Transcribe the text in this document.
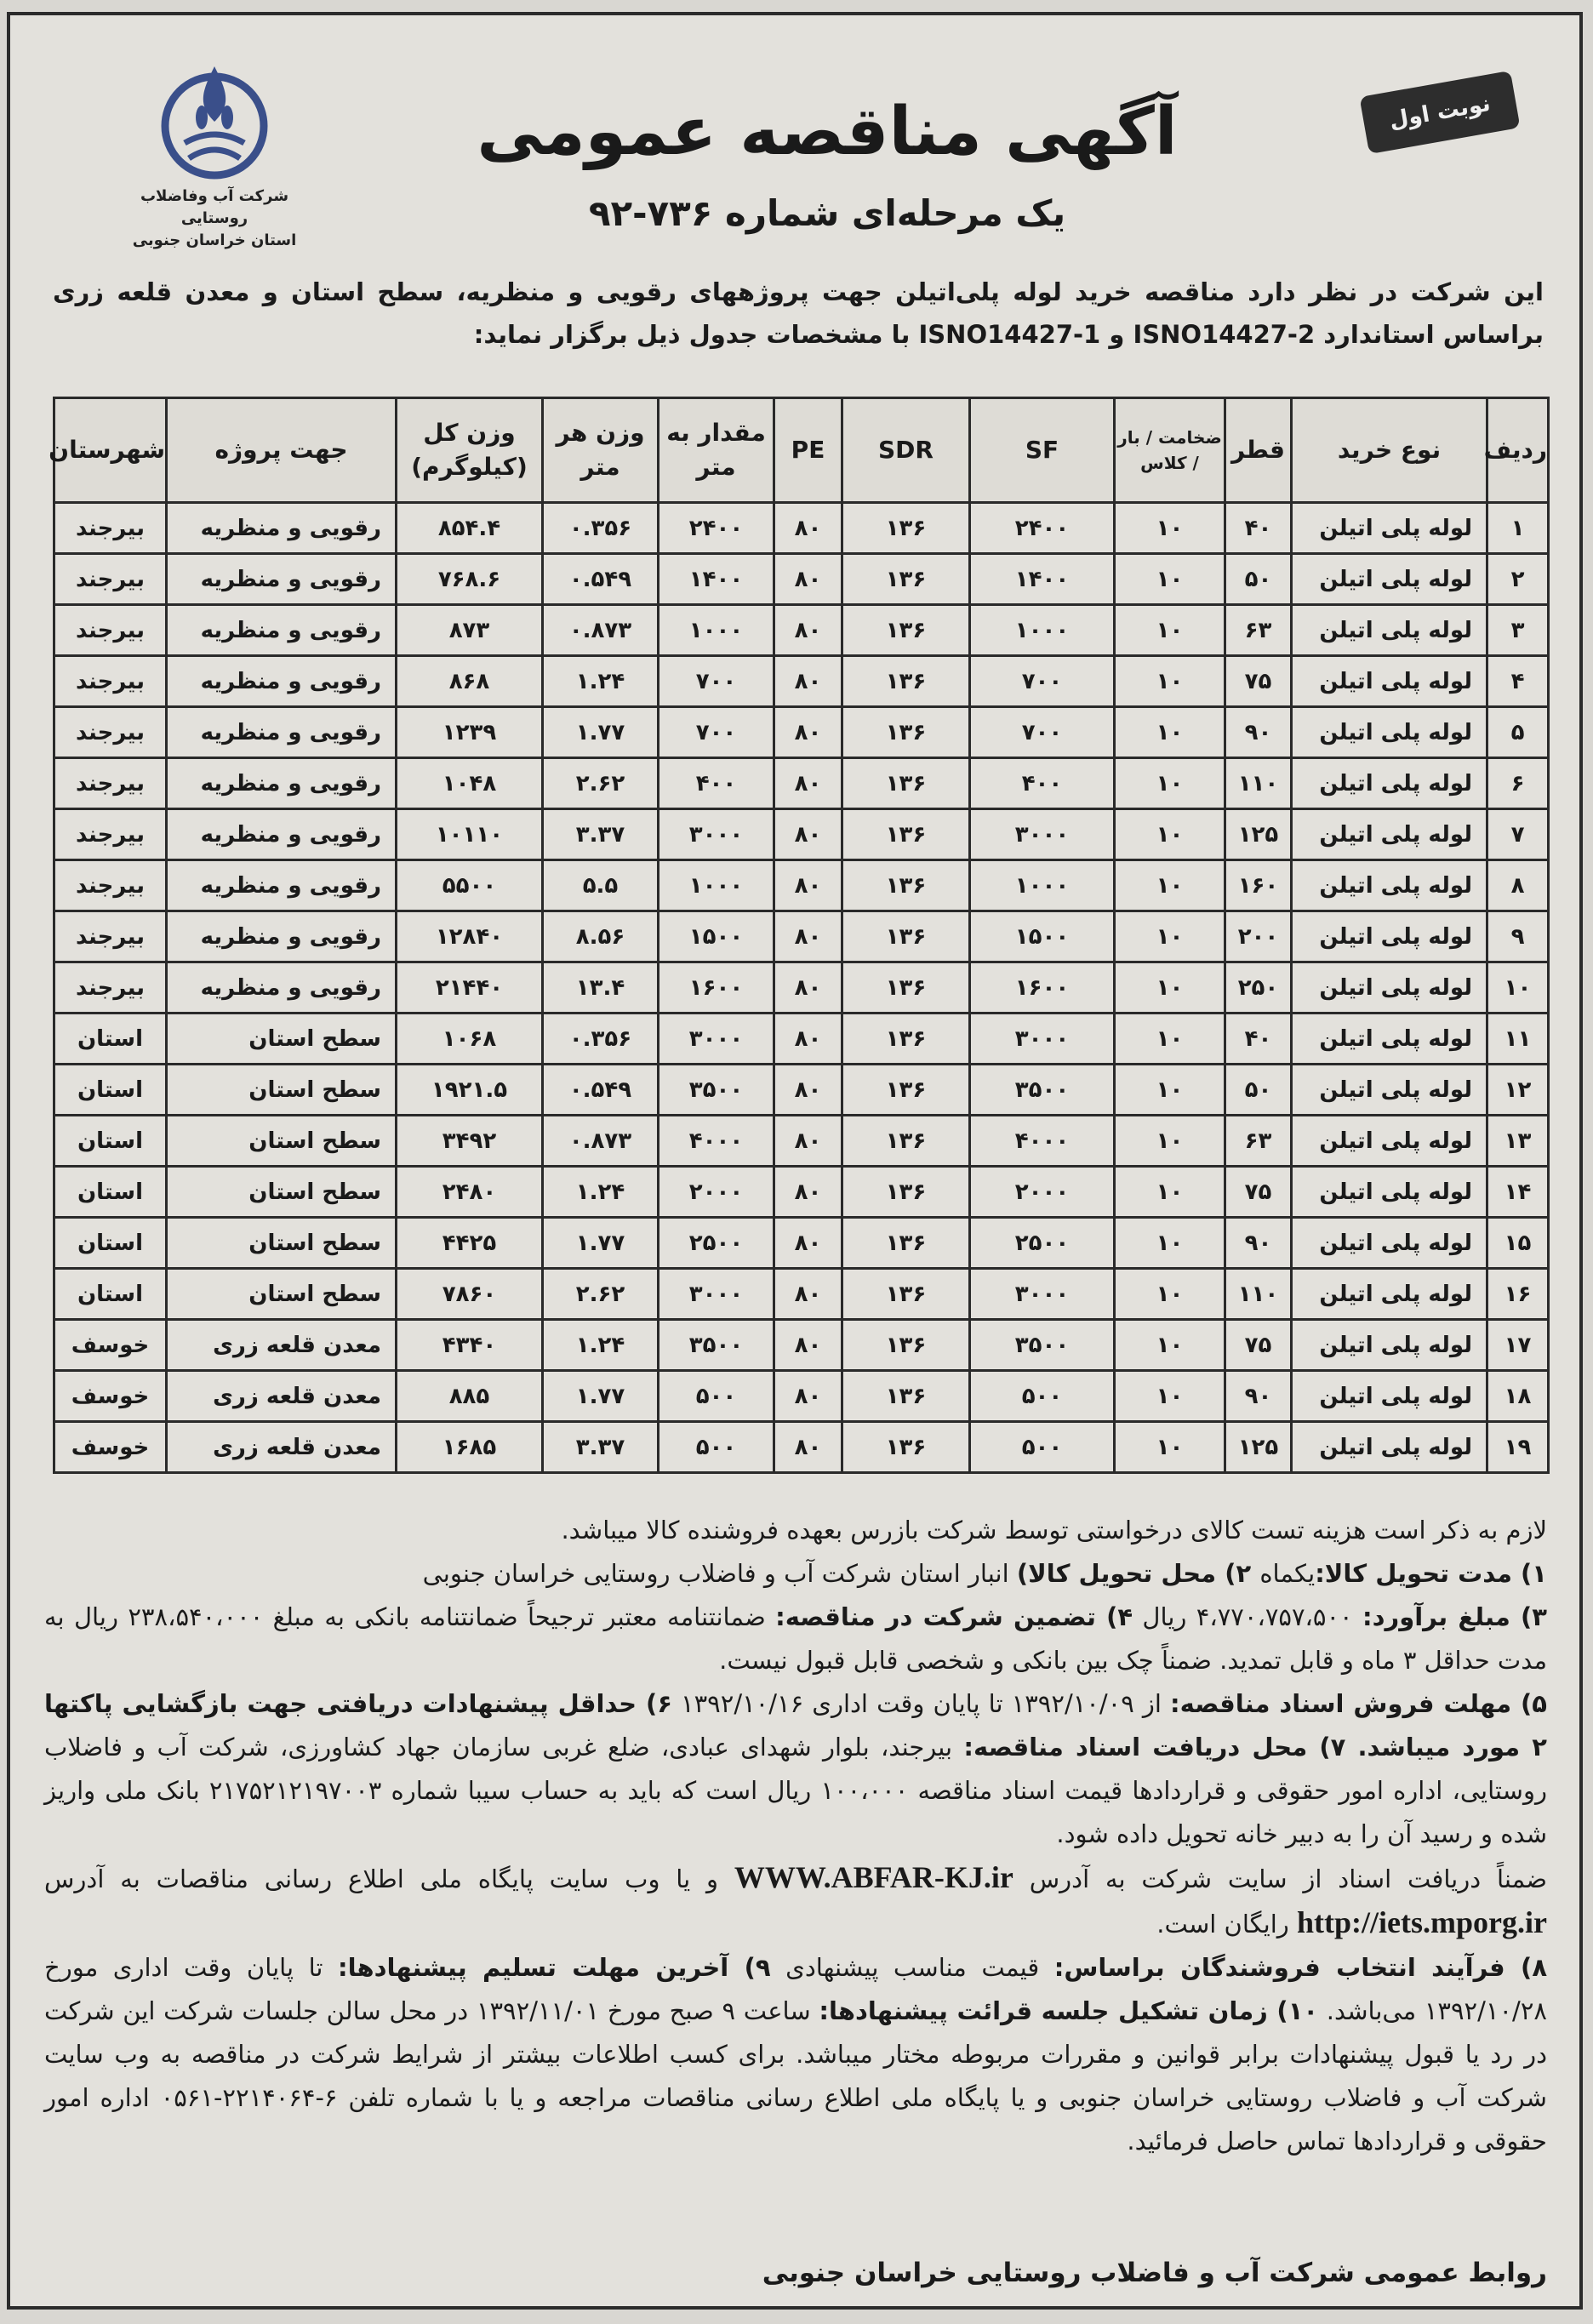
شرکت آب وفاضلاب روستایی
استان خراسان جنوبی
آگهی مناقصه عمومی
یک مرحله‌ای شماره ۷۳۶-۹۲
نوبت اول
این شرکت در نظر دارد مناقصه خرید لوله پلی‌اتیلن جهت پروژههای رقویی و منظریه، سطح استان و معدن قلعه زری براساس استاندارد ISNO14427-2 و ISNO14427-1 با مشخصات جدول ذیل برگزار نماید:
ردیف	نوع خرید	قطر	ضخامت / بار / کلاس	SF	SDR	PE	مقدار به متر	وزن هر متر	وزن کل (کیلوگرم)	جهت پروژه	شهرستان
۱	لوله پلی اتیلن	۴۰	۱۰	۲۴۰۰	۱۳۶	۸۰	۲۴۰۰	۰.۳۵۶	۸۵۴.۴	رقویی و منظریه	بیرجند
۲	لوله پلی اتیلن	۵۰	۱۰	۱۴۰۰	۱۳۶	۸۰	۱۴۰۰	۰.۵۴۹	۷۶۸.۶	رقویی و منظریه	بیرجند
۳	لوله پلی اتیلن	۶۳	۱۰	۱۰۰۰	۱۳۶	۸۰	۱۰۰۰	۰.۸۷۳	۸۷۳	رقویی و منظریه	بیرجند
۴	لوله پلی اتیلن	۷۵	۱۰	۷۰۰	۱۳۶	۸۰	۷۰۰	۱.۲۴	۸۶۸	رقویی و منظریه	بیرجند
۵	لوله پلی اتیلن	۹۰	۱۰	۷۰۰	۱۳۶	۸۰	۷۰۰	۱.۷۷	۱۲۳۹	رقویی و منظریه	بیرجند
۶	لوله پلی اتیلن	۱۱۰	۱۰	۴۰۰	۱۳۶	۸۰	۴۰۰	۲.۶۲	۱۰۴۸	رقویی و منظریه	بیرجند
۷	لوله پلی اتیلن	۱۲۵	۱۰	۳۰۰۰	۱۳۶	۸۰	۳۰۰۰	۳.۳۷	۱۰۱۱۰	رقویی و منظریه	بیرجند
۸	لوله پلی اتیلن	۱۶۰	۱۰	۱۰۰۰	۱۳۶	۸۰	۱۰۰۰	۵.۵	۵۵۰۰	رقویی و منظریه	بیرجند
۹	لوله پلی اتیلن	۲۰۰	۱۰	۱۵۰۰	۱۳۶	۸۰	۱۵۰۰	۸.۵۶	۱۲۸۴۰	رقویی و منظریه	بیرجند
۱۰	لوله پلی اتیلن	۲۵۰	۱۰	۱۶۰۰	۱۳۶	۸۰	۱۶۰۰	۱۳.۴	۲۱۴۴۰	رقویی و منظریه	بیرجند
۱۱	لوله پلی اتیلن	۴۰	۱۰	۳۰۰۰	۱۳۶	۸۰	۳۰۰۰	۰.۳۵۶	۱۰۶۸	سطح استان	استان
۱۲	لوله پلی اتیلن	۵۰	۱۰	۳۵۰۰	۱۳۶	۸۰	۳۵۰۰	۰.۵۴۹	۱۹۲۱.۵	سطح استان	استان
۱۳	لوله پلی اتیلن	۶۳	۱۰	۴۰۰۰	۱۳۶	۸۰	۴۰۰۰	۰.۸۷۳	۳۴۹۲	سطح استان	استان
۱۴	لوله پلی اتیلن	۷۵	۱۰	۲۰۰۰	۱۳۶	۸۰	۲۰۰۰	۱.۲۴	۲۴۸۰	سطح استان	استان
۱۵	لوله پلی اتیلن	۹۰	۱۰	۲۵۰۰	۱۳۶	۸۰	۲۵۰۰	۱.۷۷	۴۴۲۵	سطح استان	استان
۱۶	لوله پلی اتیلن	۱۱۰	۱۰	۳۰۰۰	۱۳۶	۸۰	۳۰۰۰	۲.۶۲	۷۸۶۰	سطح استان	استان
۱۷	لوله پلی اتیلن	۷۵	۱۰	۳۵۰۰	۱۳۶	۸۰	۳۵۰۰	۱.۲۴	۴۳۴۰	معدن قلعه زری	خوسف
۱۸	لوله پلی اتیلن	۹۰	۱۰	۵۰۰	۱۳۶	۸۰	۵۰۰	۱.۷۷	۸۸۵	معدن قلعه زری	خوسف
۱۹	لوله پلی اتیلن	۱۲۵	۱۰	۵۰۰	۱۳۶	۸۰	۵۰۰	۳.۳۷	۱۶۸۵	معدن قلعه زری	خوسف

لازم به ذکر است هزینه تست کالای درخواستی توسط شرکت بازرس بعهده فروشنده کالا میباشد.

۱) مدت تحویل کالا:یکماه ۲) محل تحویل کالا) انبار استان شرکت آب و فاضلاب روستایی خراسان جنوبی

۳) مبلغ برآورد: ۴،۷۷۰،۷۵۷،۵۰۰ ریال ۴) تضمین شرکت در مناقصه: ضمانتنامه معتبر ترجیحاً ضمانتنامه بانکی به مبلغ ۲۳۸،۵۴۰،۰۰۰ ریال به مدت حداقل ۳ ماه و قابل تمدید. ضمناً چک بین بانکی و شخصی قابل قبول نیست.

۵) مهلت فروش اسناد مناقصه: از ۱۳۹۲/۱۰/۰۹ تا پایان وقت اداری ۱۳۹۲/۱۰/۱۶ ۶) حداقل پیشنهادات دریافتی جهت بازگشایی پاکتها ۲ مورد میباشد. ۷) محل دریافت اسناد مناقصه: بیرجند، بلوار شهدای عبادی، ضلع غربی سازمان جهاد کشاورزی، شرکت آب و فاضلاب روستایی، اداره امور حقوقی و قراردادها قیمت اسناد مناقصه ۱۰۰،۰۰۰ ریال است که باید به حساب سیبا شماره ۲۱۷۵۲۱۲۱۹۷۰۰۳ بانک ملی واریز شده و رسید آن را به دبیر خانه تحویل داده شود.

ضمناً دریافت اسناد از سایت شرکت به آدرس WWW.ABFAR-KJ.ir و یا وب سایت پایگاه ملی اطلاع رسانی مناقصات به آدرس http://iets.mporg.ir رایگان است.

۸) فرآیند انتخاب فروشندگان براساس: قیمت مناسب پیشنهادی ۹) آخرین مهلت تسلیم پیشنهادها: تا پایان وقت اداری مورخ ۱۳۹۲/۱۰/۲۸ می‌باشد. ۱۰) زمان تشکیل جلسه قرائت پیشنهادها: ساعت ۹ صبح مورخ ۱۳۹۲/۱۱/۰۱ در محل سالن جلسات شرکت این شرکت در رد یا قبول پیشنهادات برابر قوانین و مقررات مربوطه مختار میباشد. برای کسب اطلاعات بیشتر از شرایط شرکت در مناقصه به وب سایت شرکت آب و فاضلاب روستایی خراسان جنوبی و یا پایگاه ملی اطلاع رسانی مناقصات مراجعه و یا با شماره تلفن ۶-۲۲۱۴۰۶۴-۰۵۶۱ اداره امور حقوقی و قراردادها تماس حاصل فرمائید.

روابط عمومی شرکت آب و فاضلاب روستایی خراسان جنوبی
